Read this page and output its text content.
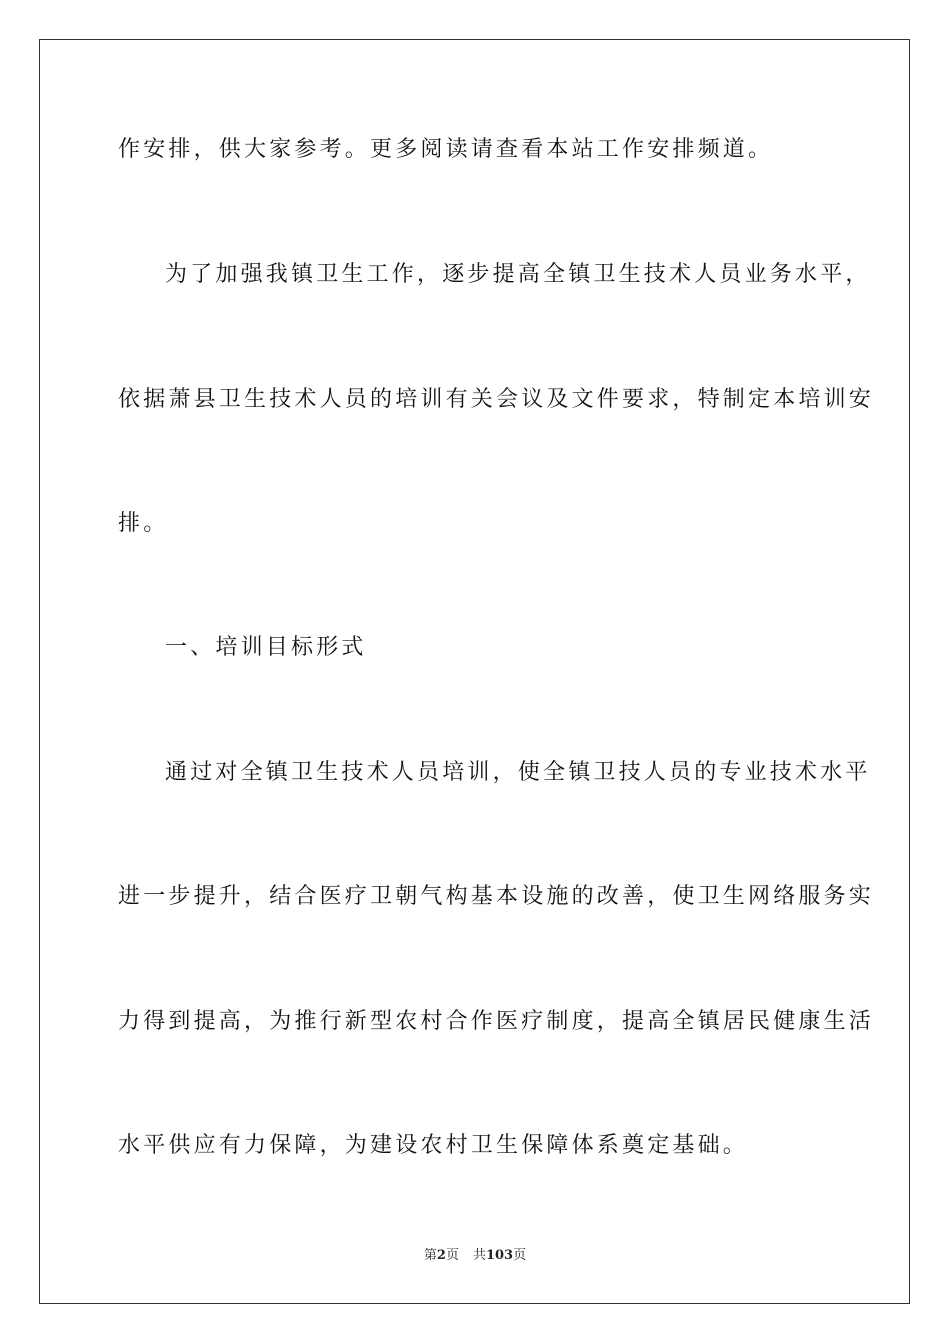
作安排，供大家参考。更多阅读请查看本站工作安排频道。
为了加强我镇卫生工作，逐步提高全镇卫生技术人员业务水平，
依据萧县卫生技术人员的培训有关会议及文件要求，特制定本培训安
排。
一、培训目标形式
通过对全镇卫生技术人员培训，使全镇卫技人员的专业技术水平
进一步提升，结合医疗卫朝气构基本设施的改善，使卫生网络服务实
力得到提高，为推行新型农村合作医疗制度，提高全镇居民健康生活
水平供应有力保障，为建设农村卫生保障体系奠定基础。
第2页 共103页
